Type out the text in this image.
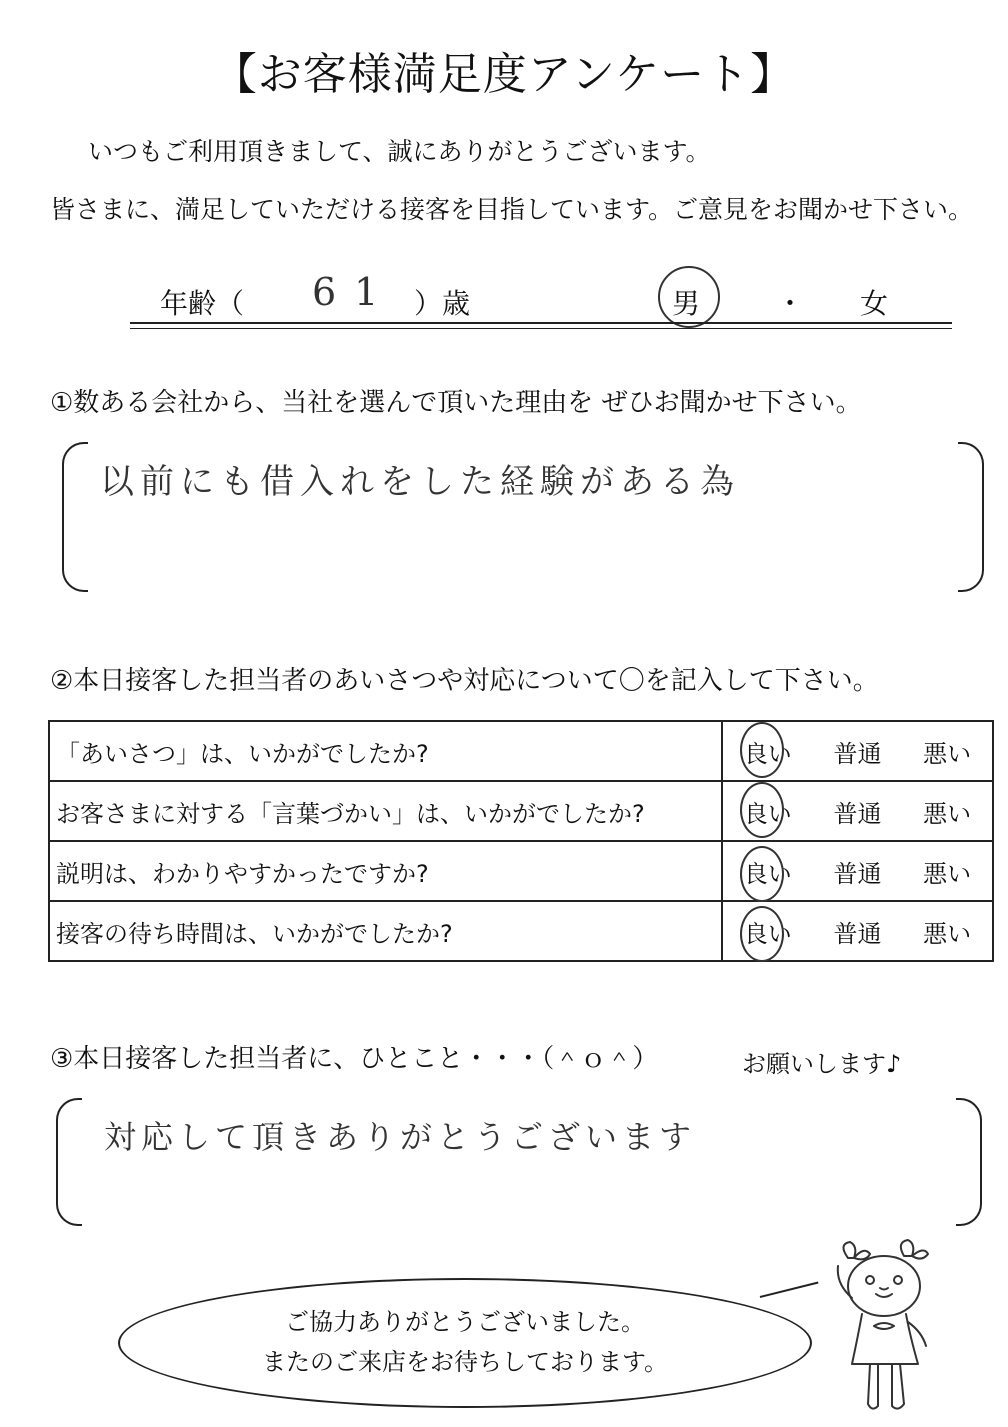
【お客様満足度アンケート】
いつもご利用頂きまして、誠にありがとうございます。
皆さまに、満足していただける接客を目指しています。ご意見をお聞かせ下さい。
年齢（ 61 ）歳	男	・ 女
①数ある会社から、当社を選んで頂いた理由を ぜひお聞かせ下さい。
以前にも借入れをした経験がある為
②本日接客した担当者のあいさつや対応について〇を記入して下さい。
「あいさつ」は、いかがでしたか?	良い 普通 悪い

お客さまに対する「言葉づかい」は、いかがでしたか?	良い 普通 悪い

説明は、わかりやすかったですか?	良い 普通 悪い

接客の待ち時間は、いかがでしたか?	良い 普通 悪い
③本日接客した担当者に、ひとこと・・・（＾ｏ＾）	お願いします♪
対応して頂きありがとうございます
ご協力ありがとうございました。
またのご来店をお待ちしております。
